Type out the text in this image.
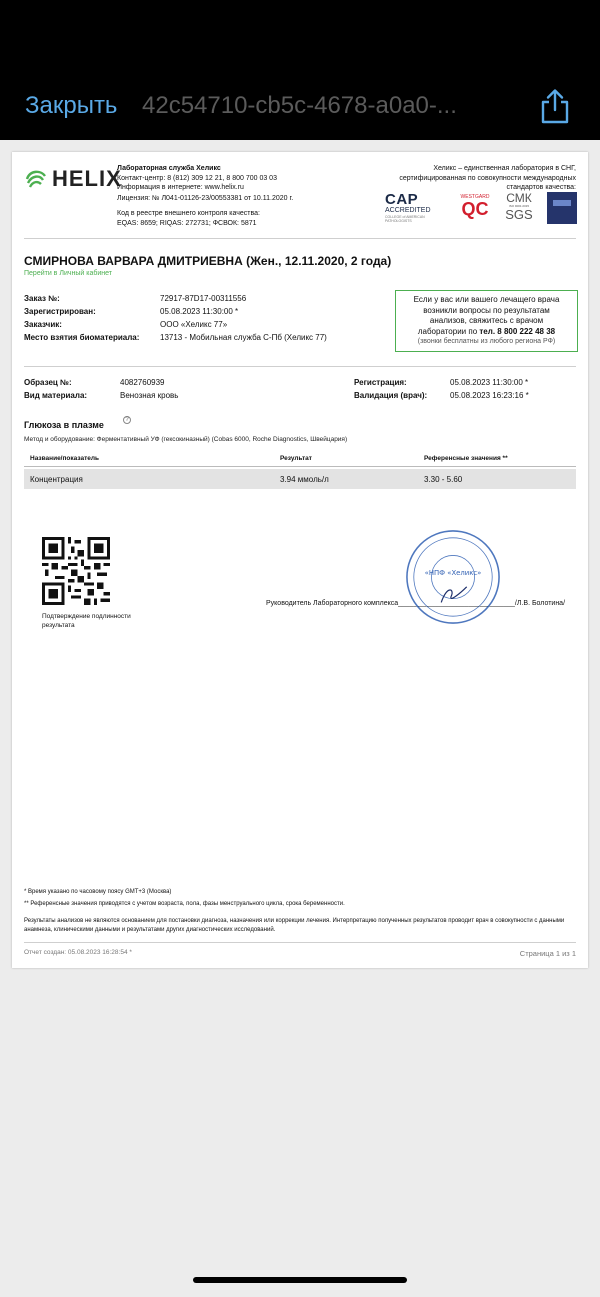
Закрыть 42c54710-cb5c-4678-a0a0-...
HELIX
Лабораторная служба Хеликс
Контакт-центр: 8 (812) 309 12 21, 8 800 700 03 03
Информация в интернете: www.helix.ru
Лицензия: № Л041-01126-23/00553381 от 10.11.2020 г.
Код в реестре внешнего контроля качества:
EQAS: 8659; RIQAS: 272731; ФСВОК: 5871
Хеликс – единственная лаборатория в СНГ, сертифицированная по совокупности международных стандартов качества:
CAP
ACCREDITED
COLLEGE of AMERICAN PATHOLOGISTS
WESTGARD
QC
СМК
ISO 9001:2015
SGS
СМИРНОВА ВАРВАРА ДМИТРИЕВНА (Жен., 12.11.2020, 2 года)
Перейти в Личный кабинет
Заказ №:	72917-87D17-00311556
Зарегистрирован:	05.08.2023 11:30:00 *
Заказчик:	ООО «Хеликс 77»
Место взятия биоматериала:	13713 - Мобильная служба С-Пб (Хеликс 77)
Если у вас или вашего лечащего врача
возникли вопросы по результатам
анализов, свяжитесь с врачом
лаборатории по тел. 8 800 222 48 38
(звонки бесплатны из любого региона РФ)
Образец №:	4082760939
Вид материала:	Венозная кровь
Регистрация:	05.08.2023 11:30:00 *
Валидация (врач):	05.08.2023 16:23:16 *
Глюкоза в плазме	?
Метод и оборудование: Ферментативный УФ (гексокиназный) (Cobas 6000, Roche Diagnostics, Швейцария)
Название/показатель	Результат	Референсные значения **
Концентрация	3.94 ммоль/л	3.30 - 5.60
Подтверждение подлинности результата
Руководитель Лабораторного комплекса______________________________/Л.В. Болотина/
«НПФ «Хеликс»
* Время указано по часовому поясу GMT+3 (Москва)
** Референсные значения приводятся с учетом возраста, пола, фазы менструального цикла, срока беременности.
Результаты анализов не являются основанием для постановки диагноза, назначения или коррекции лечения. Интерпретацию полученных результатов проводит врач в совокупности с данными анамнеза, клиническими данными и результатами других диагностических исследований.
Отчет создан: 05.08.2023 16:28:54 *	Страница 1 из 1
